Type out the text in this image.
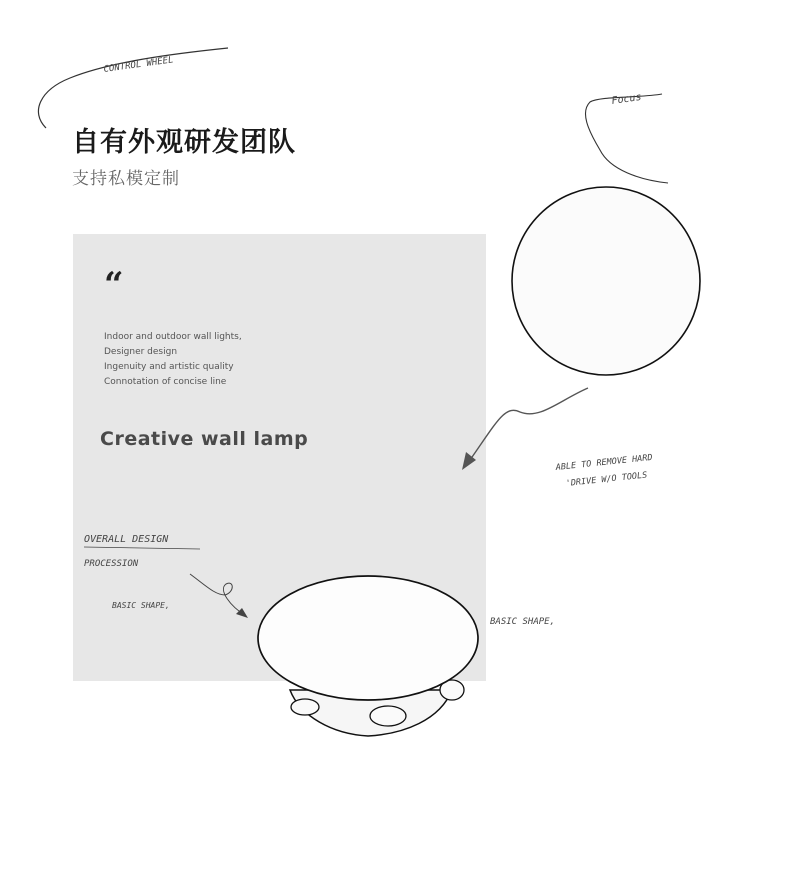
CONTROL WHEEL
Focus
自有外观研发团队
支持私模定制
“
Indoor and outdoor wall lights,
Designer design
Ingenuity and artistic quality
Connotation of concise line
Creative wall lamp
ABLE TO REMOVE HARD
'DRIVE W/O TOOLS
OVERALL DESIGN
PROCESSION
BASIC SHAPE,
BASIC SHAPE,
